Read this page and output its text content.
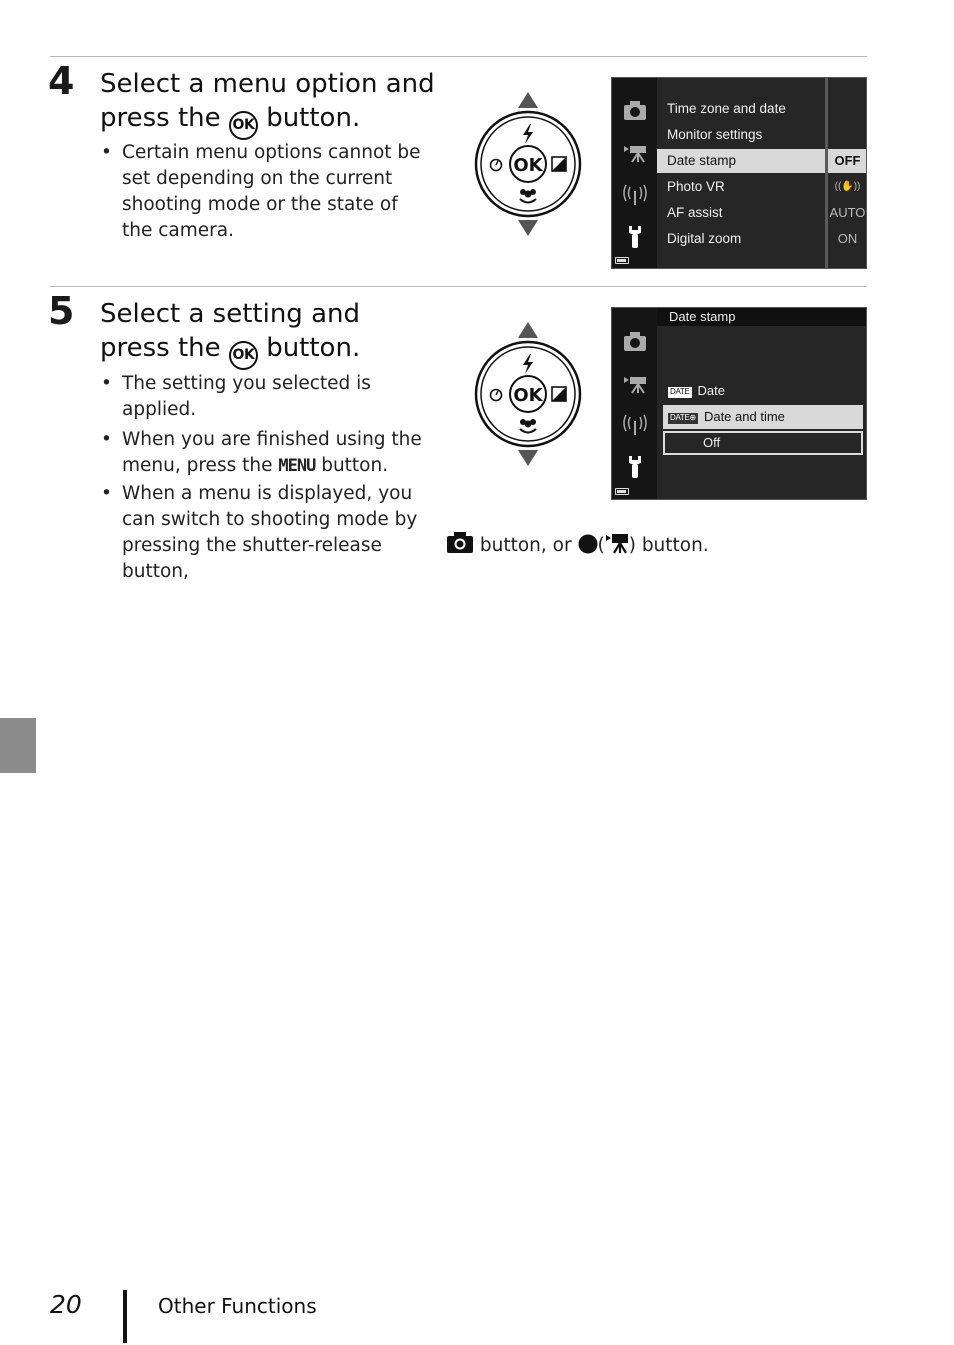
4 Select a menu option and press the OK button.
• Certain menu options cannot be set depending on the current shooting mode or the state of the camera.
OK
Time zone and date
Monitor settings
Date stamp
Photo VR
AF assist
Digital zoom
OFF
((✋))
AUTO
ON
5 Select a setting and press the OK button.
• The setting you selected is applied.
• When you are finished using the menu, press the MENU button.
• When a menu is displayed, you can switch to shooting mode by pressing the shutter-release button,
button, or ( ) button.
OK
Date stamp
DATE Date
DATE⊕ Date and time
Off
20	Other Functions
